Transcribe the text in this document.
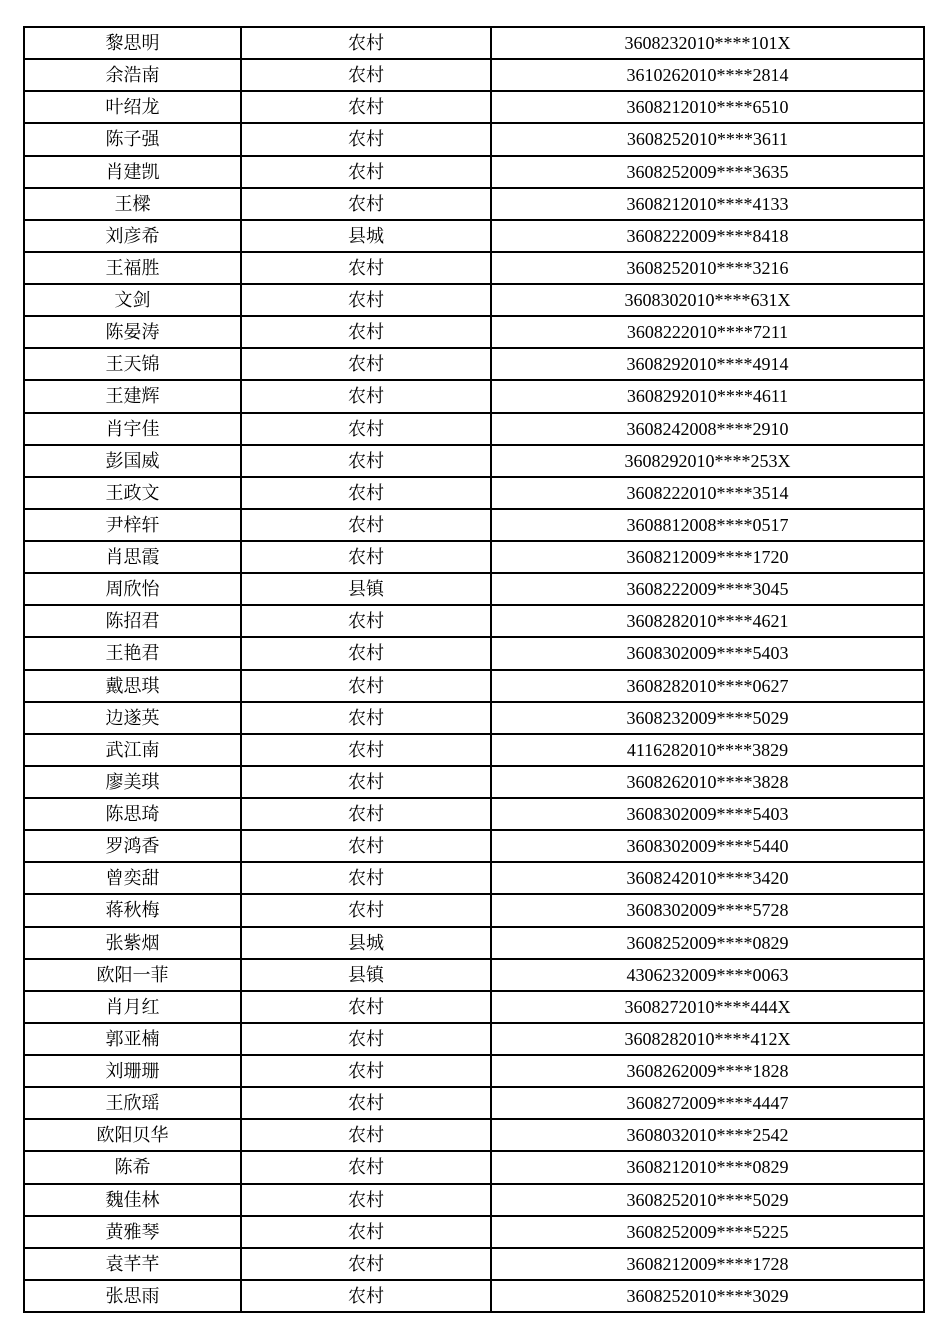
黎思明	农村	3608232010****101X
余浩南	农村	3610262010****2814
叶绍龙	农村	3608212010****6510
陈子强	农村	3608252010****3611
肖建凯	农村	3608252009****3635
王樑	农村	3608212010****4133
刘彦希	县城	3608222009****8418
王福胜	农村	3608252010****3216
文剑	农村	3608302010****631X
陈晏涛	农村	3608222010****7211
王天锦	农村	3608292010****4914
王建辉	农村	3608292010****4611
肖宇佳	农村	3608242008****2910
彭国威	农村	3608292010****253X
王政文	农村	3608222010****3514
尹梓轩	农村	3608812008****0517
肖思霞	农村	3608212009****1720
周欣怡	县镇	3608222009****3045
陈招君	农村	3608282010****4621
王艳君	农村	3608302009****5403
戴思琪	农村	3608282010****0627
边遂英	农村	3608232009****5029
武江南	农村	4116282010****3829
廖美琪	农村	3608262010****3828
陈思琦	农村	3608302009****5403
罗鸿香	农村	3608302009****5440
曾奕甜	农村	3608242010****3420
蒋秋梅	农村	3608302009****5728
张紫烟	县城	3608252009****0829
欧阳一菲	县镇	4306232009****0063
肖月红	农村	3608272010****444X
郭亚楠	农村	3608282010****412X
刘珊珊	农村	3608262009****1828
王欣瑶	农村	3608272009****4447
欧阳贝华	农村	3608032010****2542
陈希	农村	3608212010****0829
魏佳林	农村	3608252010****5029
黄雅琴	农村	3608252009****5225
袁芊芊	农村	3608212009****1728
张思雨	农村	3608252010****3029
